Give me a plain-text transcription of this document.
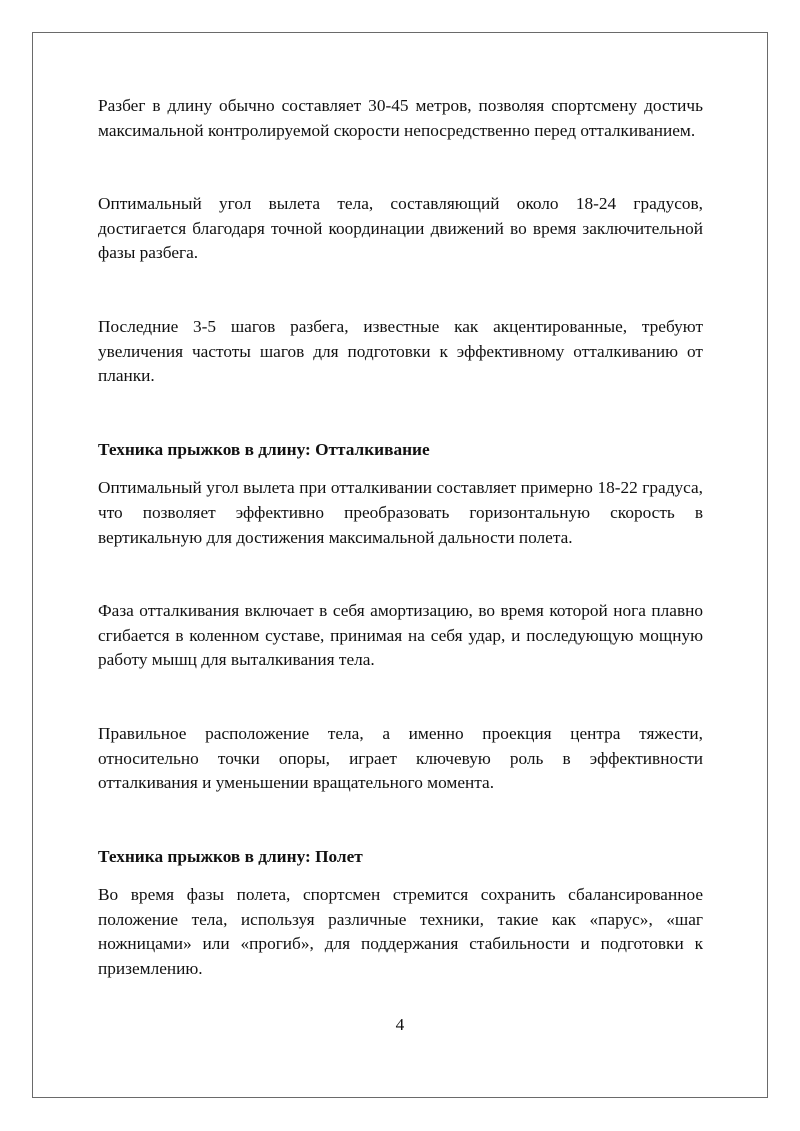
Разбег в длину обычно составляет 30-45 метров, позволяя спортсмену достичь максимальной контролируемой скорости непосредственно перед отталкиванием.

Оптимальный угол вылета тела, составляющий около 18-24 градусов, достигается благодаря точной координации движений во время заключительной фазы разбега.

Последние 3-5 шагов разбега, известные как акцентированные, требуют увеличения частоты шагов для подготовки к эффективному отталкиванию от планки.

Техника прыжков в длину: Отталкивание

Оптимальный угол вылета при отталкивании составляет примерно 18-22 градуса, что позволяет эффективно преобразовать горизонтальную скорость в вертикальную для достижения максимальной дальности полета.

Фаза отталкивания включает в себя амортизацию, во время которой нога плавно сгибается в коленном суставе, принимая на себя удар, и последующую мощную работу мышц для выталкивания тела.

Правильное расположение тела, а именно проекция центра тяжести, относительно точки опоры, играет ключевую роль в эффективности отталкивания и уменьшении вращательного момента.

Техника прыжков в длину: Полет

Во время фазы полета, спортсмен стремится сохранить сбалансированное положение тела, используя различные техники, такие как «парус», «шаг ножницами» или «прогиб», для поддержания стабильности и подготовки к приземлению.

4
